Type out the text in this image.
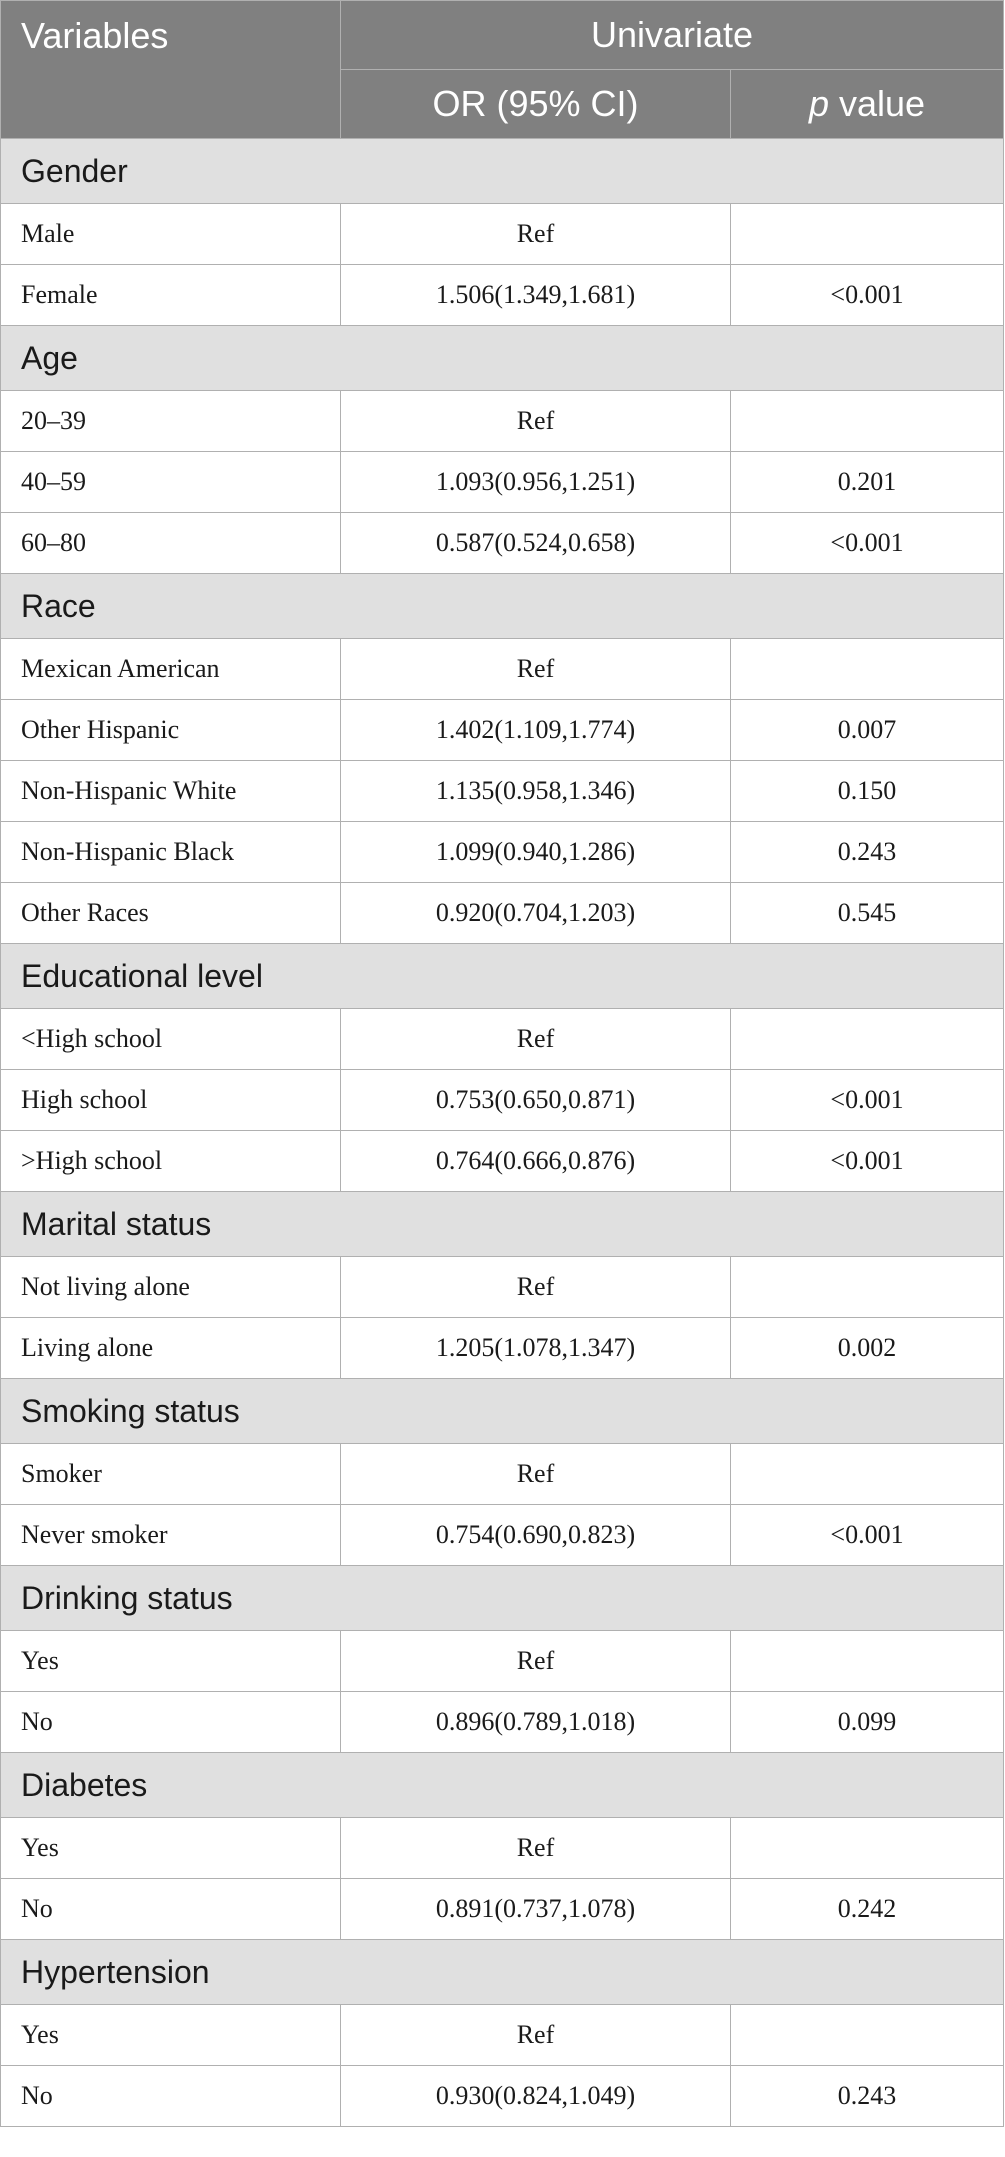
Variables	Univariate	
	OR (95% CI)	p value
Gender		
Male	Ref	
Female	1.506(1.349,1.681)	<0.001
Age		
20–39	Ref	
40–59	1.093(0.956,1.251)	0.201
60–80	0.587(0.524,0.658)	<0.001
Race		
Mexican American	Ref	
Other Hispanic	1.402(1.109,1.774)	0.007
Non-Hispanic White	1.135(0.958,1.346)	0.150
Non-Hispanic Black	1.099(0.940,1.286)	0.243
Other Races	0.920(0.704,1.203)	0.545
Educational level		
<High school	Ref	
High school	0.753(0.650,0.871)	<0.001
>High school	0.764(0.666,0.876)	<0.001
Marital status		
Not living alone	Ref	
Living alone	1.205(1.078,1.347)	0.002
Smoking status		
Smoker	Ref	
Never smoker	0.754(0.690,0.823)	<0.001
Drinking status		
Yes	Ref	
No	0.896(0.789,1.018)	0.099
Diabetes		
Yes	Ref	
No	0.891(0.737,1.078)	0.242
Hypertension		
Yes	Ref	
No	0.930(0.824,1.049)	0.243
